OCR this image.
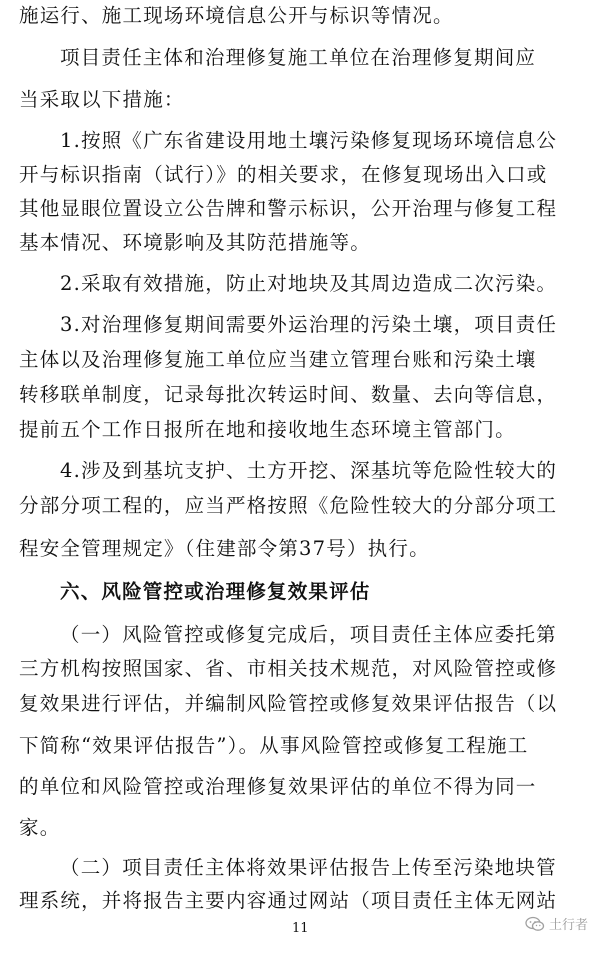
施运行、施工现场环境信息公开与标识等情况。
项目责任主体和治理修复施工单位在治理修复期间应
当采取以下措施：
1.按照《广东省建设用地土壤污染修复现场环境信息公
开与标识指南（试行）》的相关要求，在修复现场出入口或
其他显眼位置设立公告牌和警示标识，公开治理与修复工程
基本情况、环境影响及其防范措施等。
2.采取有效措施，防止对地块及其周边造成二次污染。
3.对治理修复期间需要外运治理的污染土壤，项目责任
主体以及治理修复施工单位应当建立管理台账和污染土壤
转移联单制度，记录每批次转运时间、数量、去向等信息，
提前五个工作日报所在地和接收地生态环境主管部门。
4.涉及到基坑支护、土方开挖、深基坑等危险性较大的
分部分项工程的，应当严格按照《危险性较大的分部分项工
程安全管理规定》（住建部令第37号）执行。
六、风险管控或治理修复效果评估
（一）风险管控或修复完成后，项目责任主体应委托第
三方机构按照国家、省、市相关技术规范，对风险管控或修
复效果进行评估，并编制风险管控或修复效果评估报告（以
下简称“效果评估报告”）。从事风险管控或修复工程施工
的单位和风险管控或治理修复效果评估的单位不得为同一
家。
（二）项目责任主体将效果评估报告上传至污染地块管
理系统，并将报告主要内容通过网站（项目责任主体无网站
11	土行者
